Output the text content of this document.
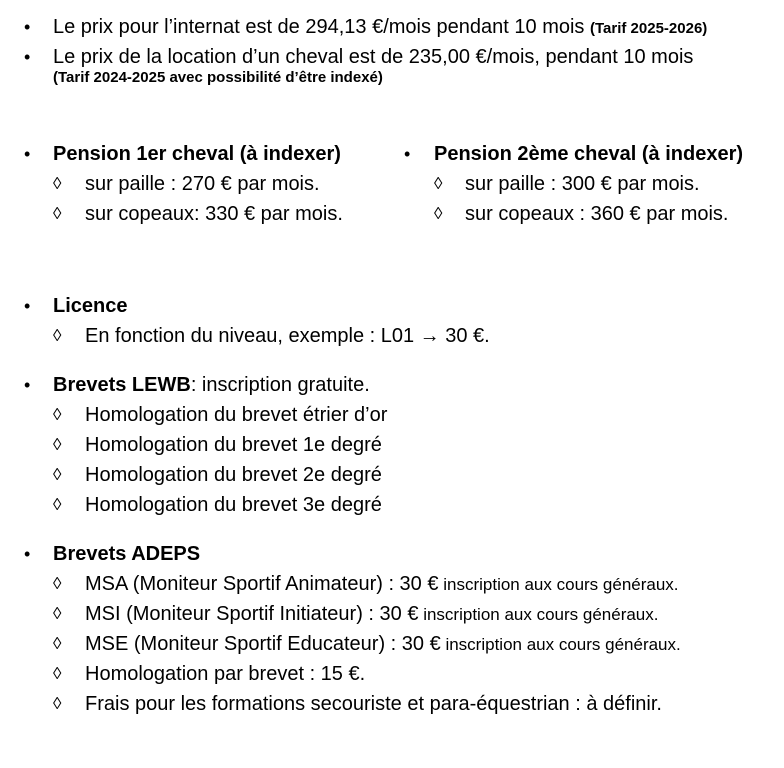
• Le prix pour l’internat est de 294,13 €/mois pendant 10 mois (Tarif 2025-2026)
• Le prix de la location d’un cheval est de 235,00 €/mois, pendant 10 mois
(Tarif 2024-2025 avec possibilité d’être indexé)
• Pension 1er cheval (à indexer)
◊ sur paille : 270 € par mois.
◊ sur copeaux: 330 € par mois.
• Pension 2ème cheval (à indexer)
◊ sur paille : 300 € par mois.
◊ sur copeaux : 360 € par mois.
• Licence
◊ En fonction du niveau, exemple : L01 → 30 €.
• Brevets LEWB: inscription gratuite.
◊ Homologation du brevet étrier d’or
◊ Homologation du brevet 1e degré
◊ Homologation du brevet 2e degré
◊ Homologation du brevet 3e degré
• Brevets ADEPS
◊ MSA (Moniteur Sportif Animateur) : 30 € inscription aux cours généraux.
◊ MSI (Moniteur Sportif Initiateur) : 30 € inscription aux cours généraux.
◊ MSE (Moniteur Sportif Educateur) : 30 € inscription aux cours généraux.
◊ Homologation par brevet : 15 €.
◊ Frais pour les formations secouriste et para-équestrian : à définir.
